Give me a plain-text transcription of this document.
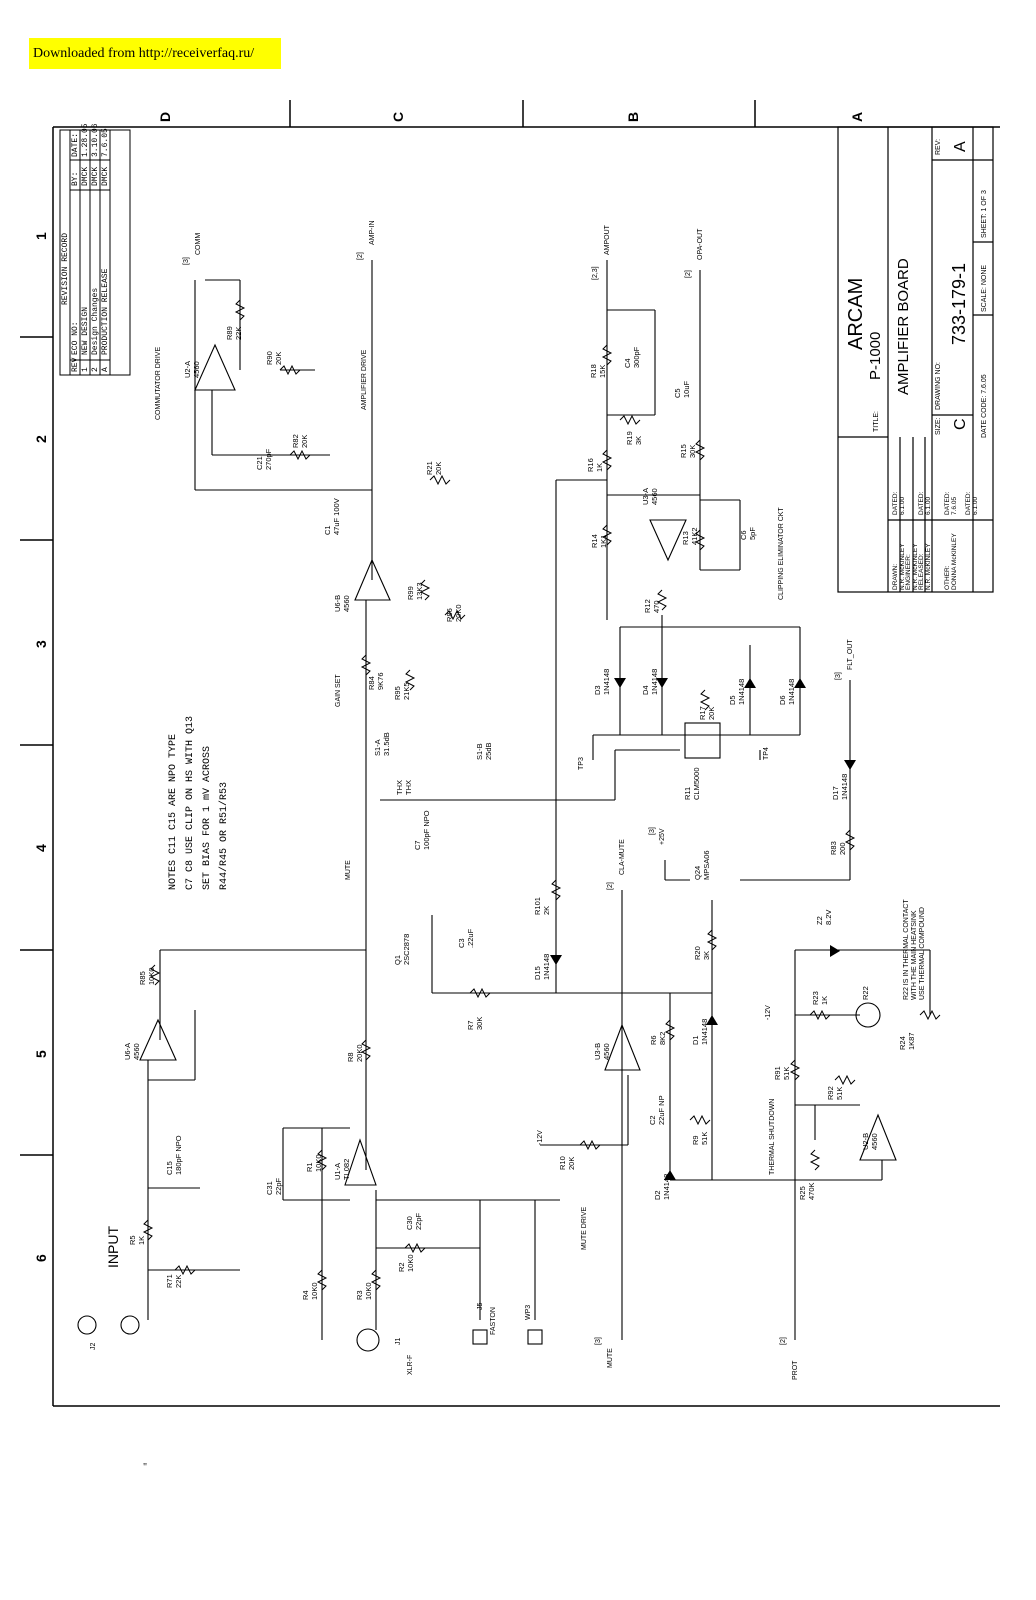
Downloaded from http://receiverfaq.ru/
"
D	C	B	A
1
2
3
4
5
6
REVISION RECORD
REV
ECO NO:
BY:
DATE:
1
NEW DESIGN
DMCK
1.28.05
2
Design Changes
DMCK
3.10.06
A
PRODUCTION RELEASE
DMCK
7.6.05
ARCAM
P-1000 AMPLIFIER BOARD
TITLE:	SIZE: C
DRAWING NO:
733-179-1
REV: A
DATE CODE: 7.6.05
SCALE: NONE
SHEET: 1 OF 3
DRAWN: N.R. McKINLEY ENGINEER: N.R. McKINLEY RELEASED: N.R. McKINLEY OTHER: DONNA McKINLEY
DATED: 6.1.00 DATED: 6.1.00 DATED: 7.6.05 DATED: 6.1.00
NOTES C11 C15 ARE NPO TYPE C7 C8 USE CLIP ON HS WITH Q13 SET BIAS FOR 1 mV ACROSS R44/R45 OR R51/R53
COMMUTATOR DRIVE	AMPLIFIER DRIVE
GAIN SET
MUTE
MUTE DRIVE
CLIPPING ELIMINATOR CKT
THERMAL SHUTDOWN
R22 IS IN THERMAL CONTACT WITH THE MAIN HEATSINK USE THERMAL COMPOUND
INPUT
COMM
[3]
AMP-IN
[2]
AMPOUT
[2,3]
OPA-OUT
[2]
FLT_OUT
[3]
CLA-MUTE
[2]
MUTE
[3]
PROT
[2]
+25V
[3]
-12V
-12V
J1
XLR-F
J2
J5
FASTON	WP3
TP3
TP4
R89 22K
R90 20K
U2-A 4560
C21 270pF
R82 20K
R21 20K
C1 47uF 100V
U6-B 4560
R99 13K3
R86 20K0
R84 9K76
R95 21K5
S1-A 31.5dB	S1-B 25dB
THX THX
C7 100pF NPO
Q1 2SC2878	C3 .22uF
R85 10K0
U6-A 4560	R8 20K0
R7 30K
C31 22pF
R1 10K0 U1-A TL082
C30 22pF
R2 10K0
R3 10K0
R4 10K0
C15 180pF NPO
R5 1K
R71 22K
R18 15K
C4 300pF
C5 10uF
R19 3K
R15 30K
R16 1K
U3-A 4560
R14 1K1	R13 41K2	C6 5pF
R12 470
D3 1N4148	D4 1N4148
R17 20K
D5 1N4148	D6 1N4148
R11 CLM5000	D17 1N4148
R83 200
R101 2K
D15 1N4148
Q24 MPSA06
R20 3K
U3-B 4560
R6 8K2	D1 1N4148
C2 22uF NP
R10 20K
R9 51K
D2 1N4148
Z2 8.2V
R23 1K
R22
R24 1K87
R91 51K
R92 51K
R25 470K
U2-B 4560
